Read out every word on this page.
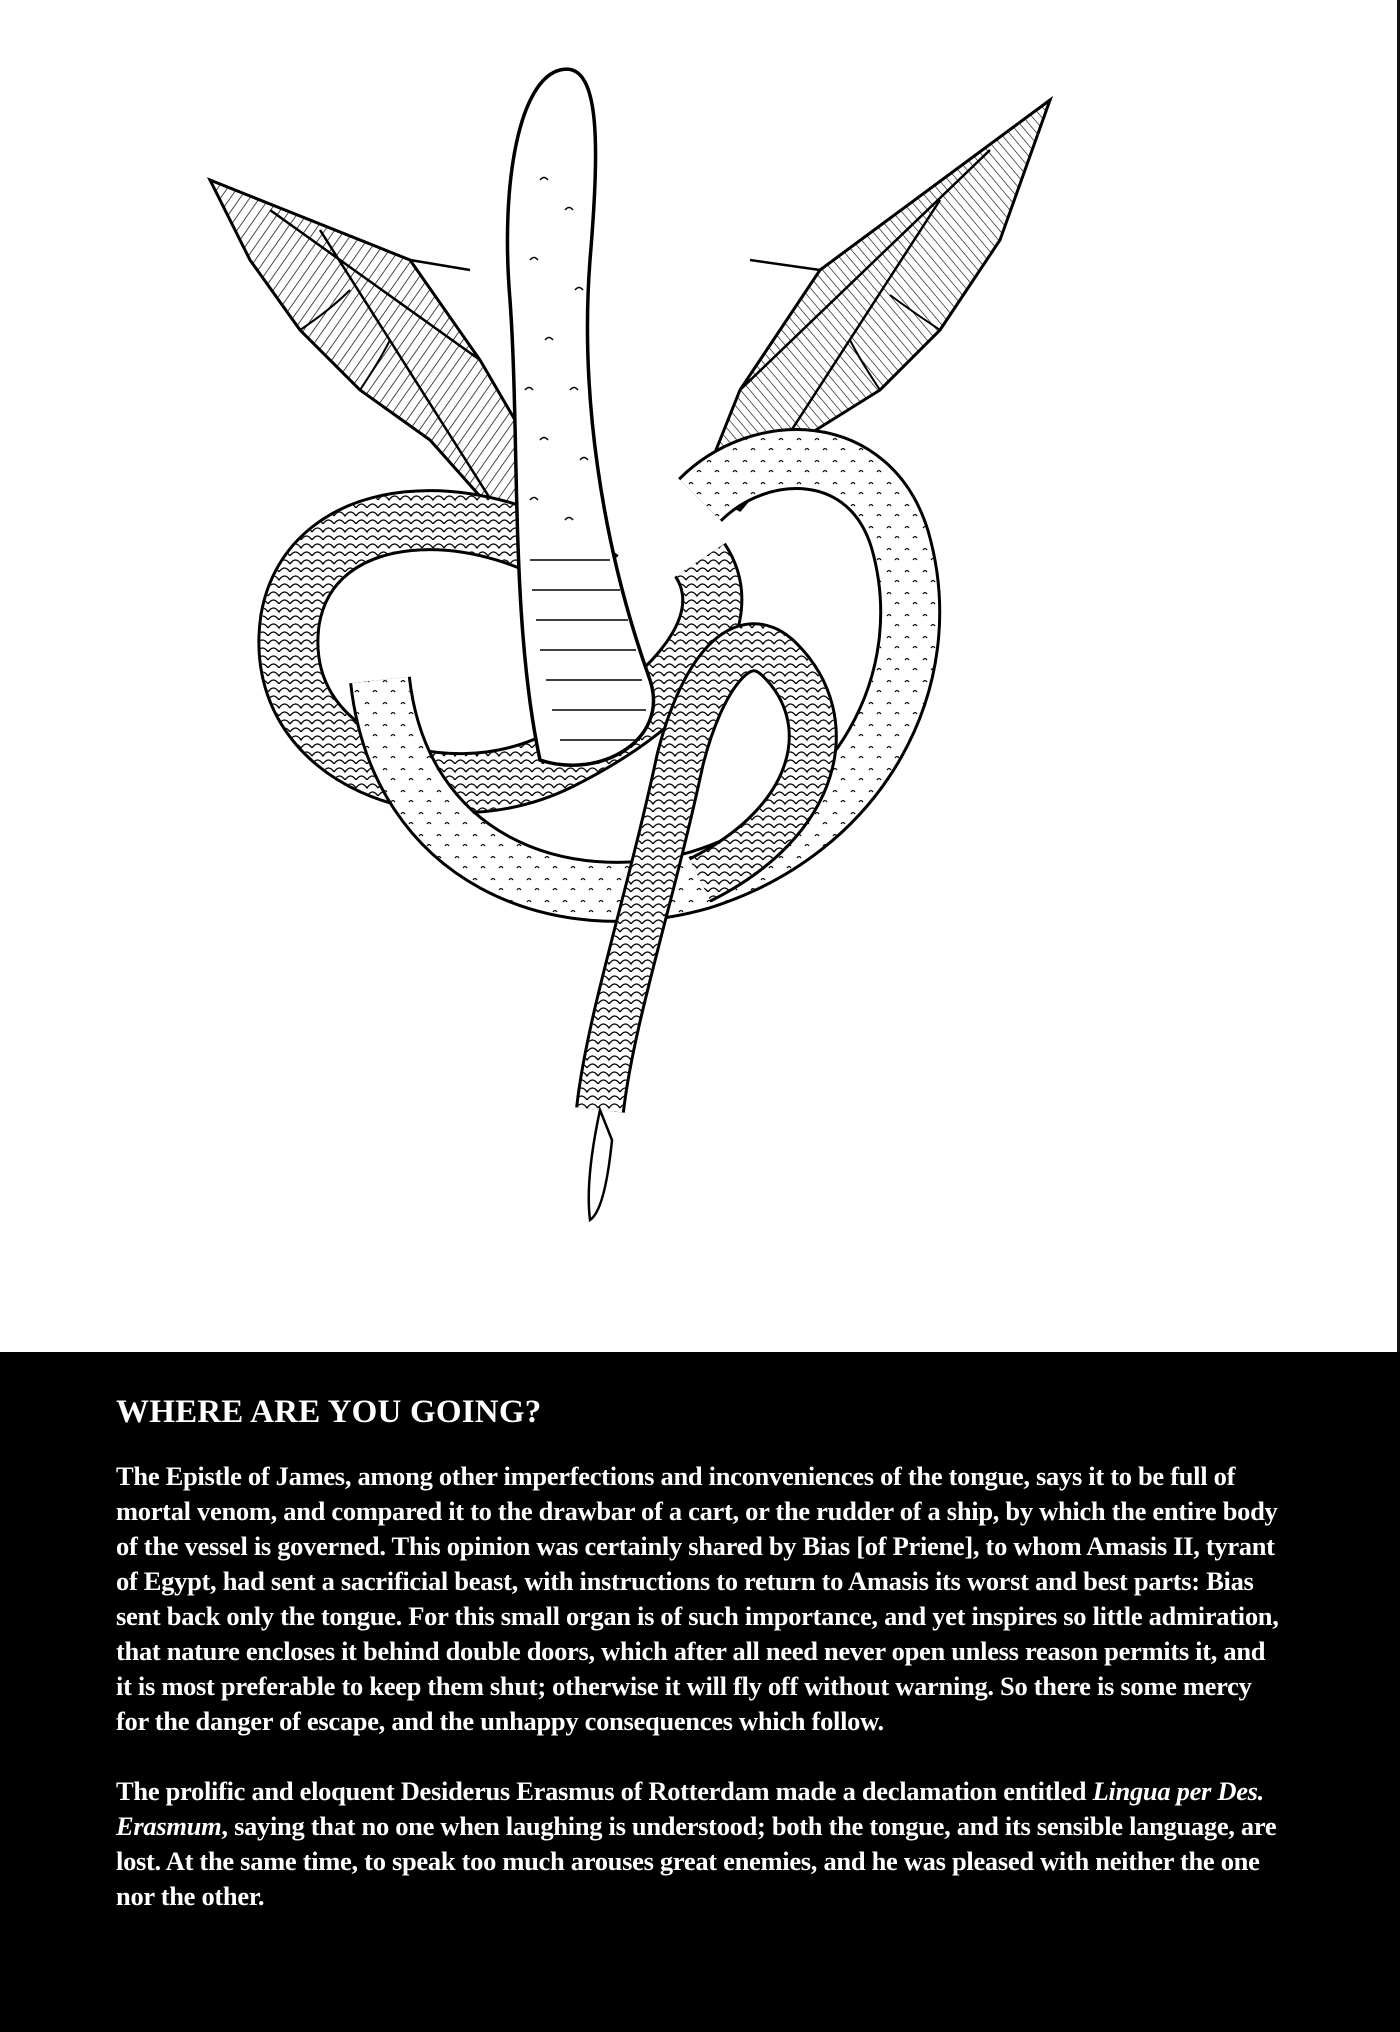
WHERE ARE YOU GOING?

The Epistle of James, among other imperfections and inconveniences of the tongue, says it to be full of mortal venom, and compared it to the drawbar of a cart, or the rudder of a ship, by which the entire body of the vessel is governed. This opinion was certainly shared by Bias [of Priene], to whom Amasis II, tyrant of Egypt, had sent a sacrificial beast, with instructions to return to Amasis its worst and best parts: Bias sent back only the tongue. For this small organ is of such importance, and yet inspires so little admiration, that nature encloses it behind double doors, which after all need never open unless reason permits it, and it is most preferable to keep them shut; otherwise it will fly off without warning. So there is some mercy for the danger of escape, and the unhappy consequences which follow.

The prolific and eloquent Desiderus Erasmus of Rotterdam made a declamation entitled Lingua per Des. Erasmum, saying that no one when laughing is understood; both the tongue, and its sensible language, are lost. At the same time, to speak too much arouses great enemies, and he was pleased with neither the one nor the other.
